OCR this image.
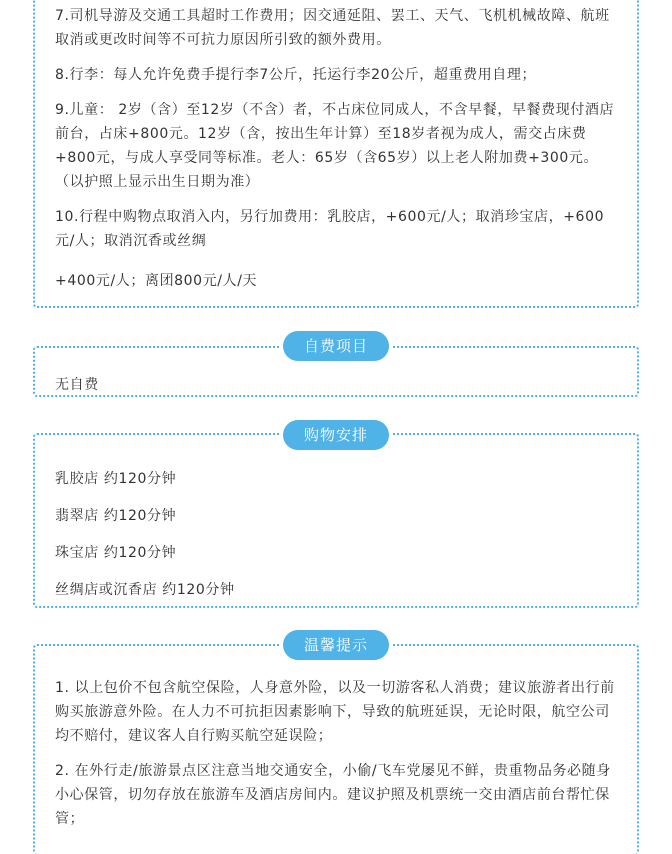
7.司机导游及交通工具超时工作费用；因交通延阻、罢工、天气、飞机机械故障、航班取消或更改时间等不可抗力原因所引致的额外费用。

8.行李：每人允许免费手提行李7公斤，托运行李20公斤，超重费用自理；

9.儿童： 2岁（含）至12岁（不含）者，不占床位同成人，不含早餐，早餐费现付酒店前台，占床+800元。12岁（含，按出生年计算）至18岁者视为成人，需交占床费+800元，与成人享受同等标准。老人：65岁（含65岁）以上老人附加费+300元。（以护照上显示出生日期为准）

10.行程中购物点取消入内，另行加费用：乳胶店，+600元/人；取消珍宝店，+600元/人；取消沉香或丝绸

+400元/人；离团800元/人/天

无自费
自费项目
乳胶店 约120分钟
翡翠店 约120分钟
珠宝店 约120分钟
丝绸店或沉香店 约120分钟
购物安排

1. 以上包价不包含航空保险，人身意外险，以及一切游客私人消费；建议旅游者出行前购买旅游意外险。在人力不可抗拒因素影响下，导致的航班延误，无论时限，航空公司均不赔付，建议客人自行购买航空延误险；

2. 在外行走/旅游景点区注意当地交通安全，小偷/飞车党屡见不鲜，贵重物品务必随身小心保管，切勿存放在旅游车及酒店房间内。建议护照及机票统一交由酒店前台帮忙保管；

温馨提示
